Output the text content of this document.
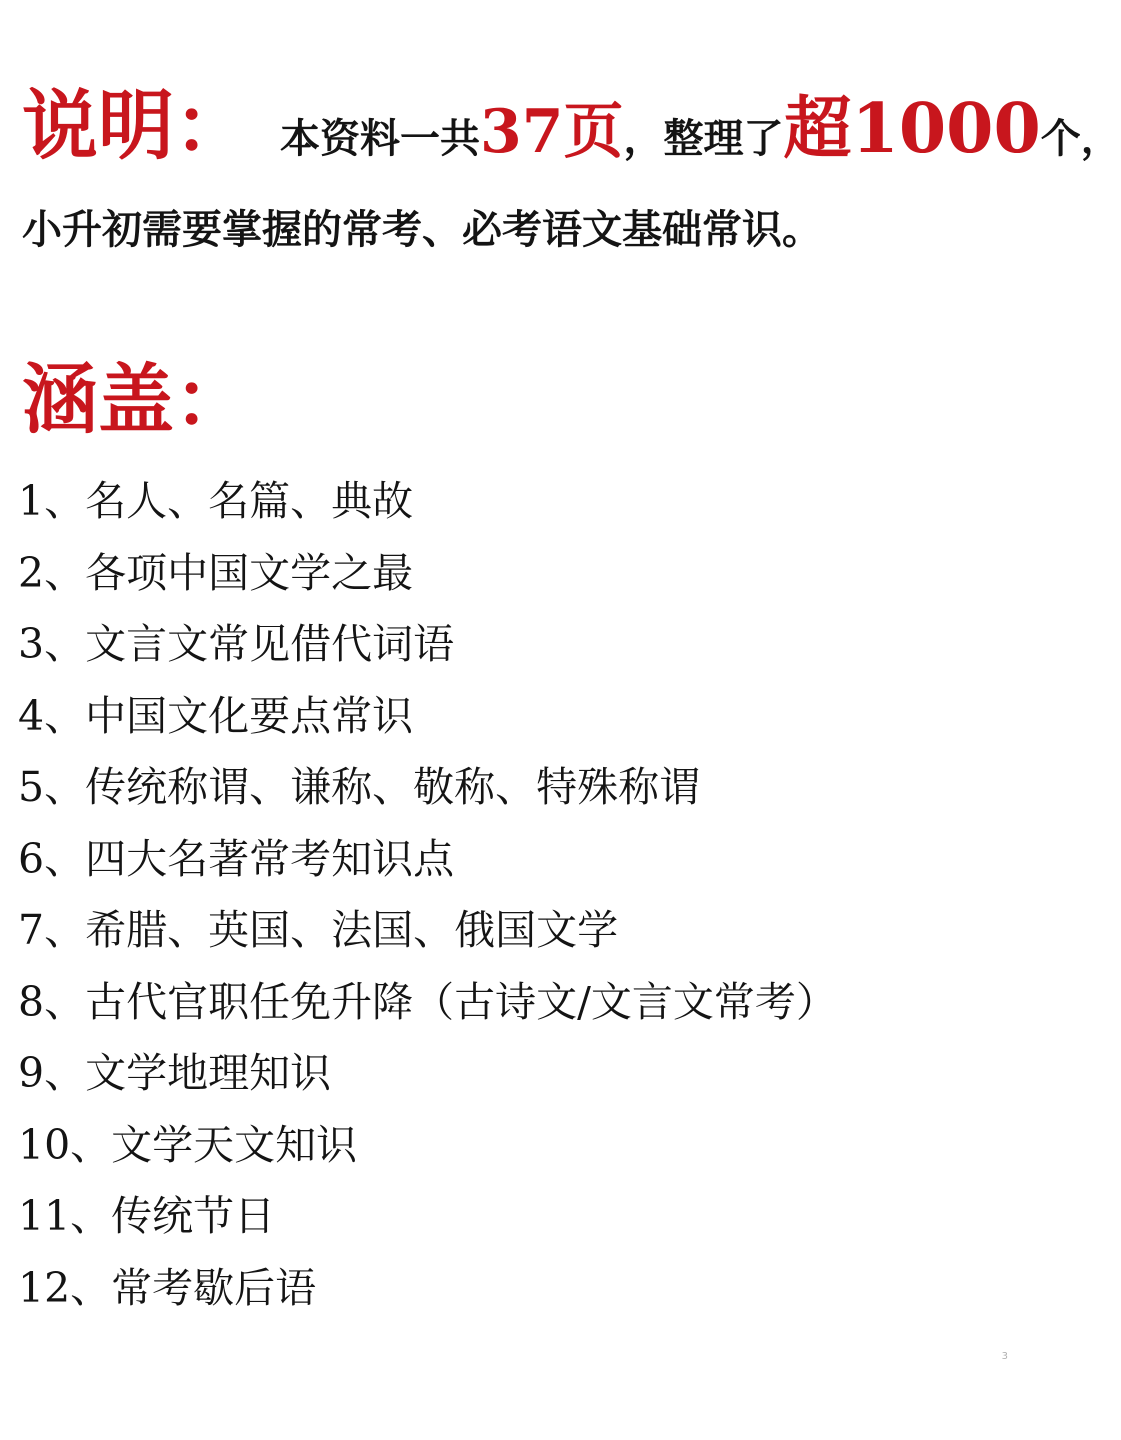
说明： 本资料一共37页，整理了超1000个，
小升初需要掌握的常考、必考语文基础常识。
涵盖：
1、名人、名篇、典故
2、各项中国文学之最
3、文言文常见借代词语
4、中国文化要点常识
5、传统称谓、谦称、敬称、特殊称谓
6、四大名著常考知识点
7、希腊、英国、法国、俄国文学
8、古代官职任免升降（古诗文/文言文常考）
9、文学地理知识
10、文学天文知识
11、传统节日
12、常考歇后语
3
